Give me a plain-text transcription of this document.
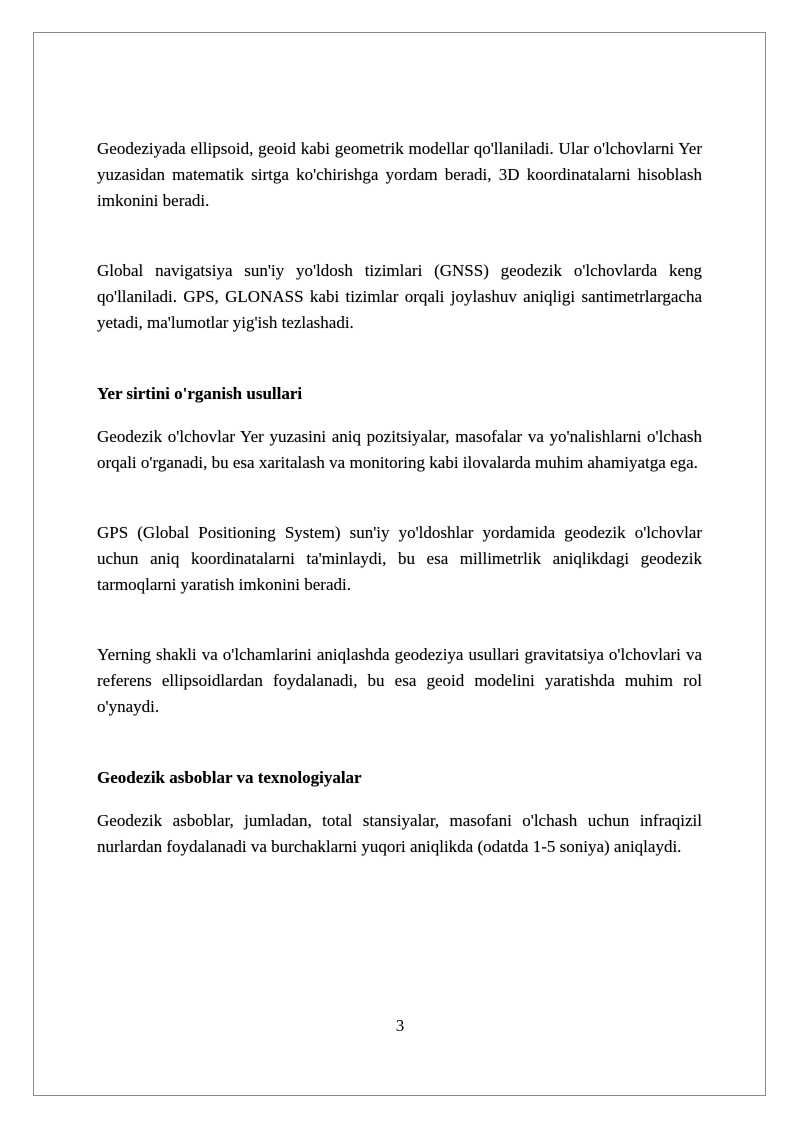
Geodeziyada ellipsoid, geoid kabi geometrik modellar qo'llaniladi. Ular o'lchovlarni Yer yuzasidan matematik sirtga ko'chirishga yordam beradi, 3D koordinatalarni hisoblash imkonini beradi.

Global navigatsiya sun'iy yo'ldosh tizimlari (GNSS) geodezik o'lchovlarda keng qo'llaniladi. GPS, GLONASS kabi tizimlar orqali joylashuv aniqligi santimetrlargacha yetadi, ma'lumotlar yig'ish tezlashadi.

Yer sirtini o'rganish usullari

Geodezik o'lchovlar Yer yuzasini aniq pozitsiyalar, masofalar va yo'nalishlarni o'lchash orqali o'rganadi, bu esa xaritalash va monitoring kabi ilovalarda muhim ahamiyatga ega.

GPS (Global Positioning System) sun'iy yo'ldoshlar yordamida geodezik o'lchovlar uchun aniq koordinatalarni ta'minlaydi, bu esa millimetrlik aniqlikdagi geodezik tarmoqlarni yaratish imkonini beradi.

Yerning shakli va o'lchamlarini aniqlashda geodeziya usullari gravitatsiya o'lchovlari va referens ellipsoidlardan foydalanadi, bu esa geoid modelini yaratishda muhim rol o'ynaydi.

Geodezik asboblar va texnologiyalar

Geodezik asboblar, jumladan, total stansiyalar, masofani o'lchash uchun infraqizil nurlardan foydalanadi va burchaklarni yuqori aniqlikda (odatda 1-5 soniya) aniqlaydi.

3
